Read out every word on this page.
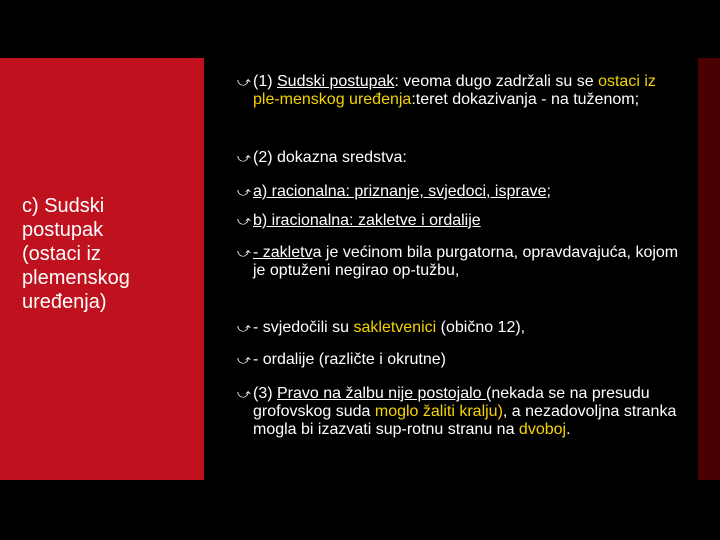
c) Sudski
postupak
(ostaci iz
plemenskog
uređenja)
⤻ (1) Sudski postupak: veoma dugo zadržali su se ostaci iz ple-menskog uređenja:teret dokazivanja - na tuženom;
⤻ (2) dokazna sredstva:
⤻ a) racionalna: priznanje, svjedoci, isprave;
⤻ b) iracionalna: zakletve i ordalije
⤻ - zakletva je većinom bila purgatorna, opravdavajuća, kojom je optuženi negirao op-tužbu,
⤻ - svjedočili su sakletvenici (obično 12),
⤻ - ordalije (različte i okrutne)
⤻ (3) Pravo na žalbu nije postojalo (nekada se na presudu grofovskog suda moglo žaliti kralju), a nezadovoljna stranka mogla bi izazvati sup-rotnu stranu na dvoboj.
